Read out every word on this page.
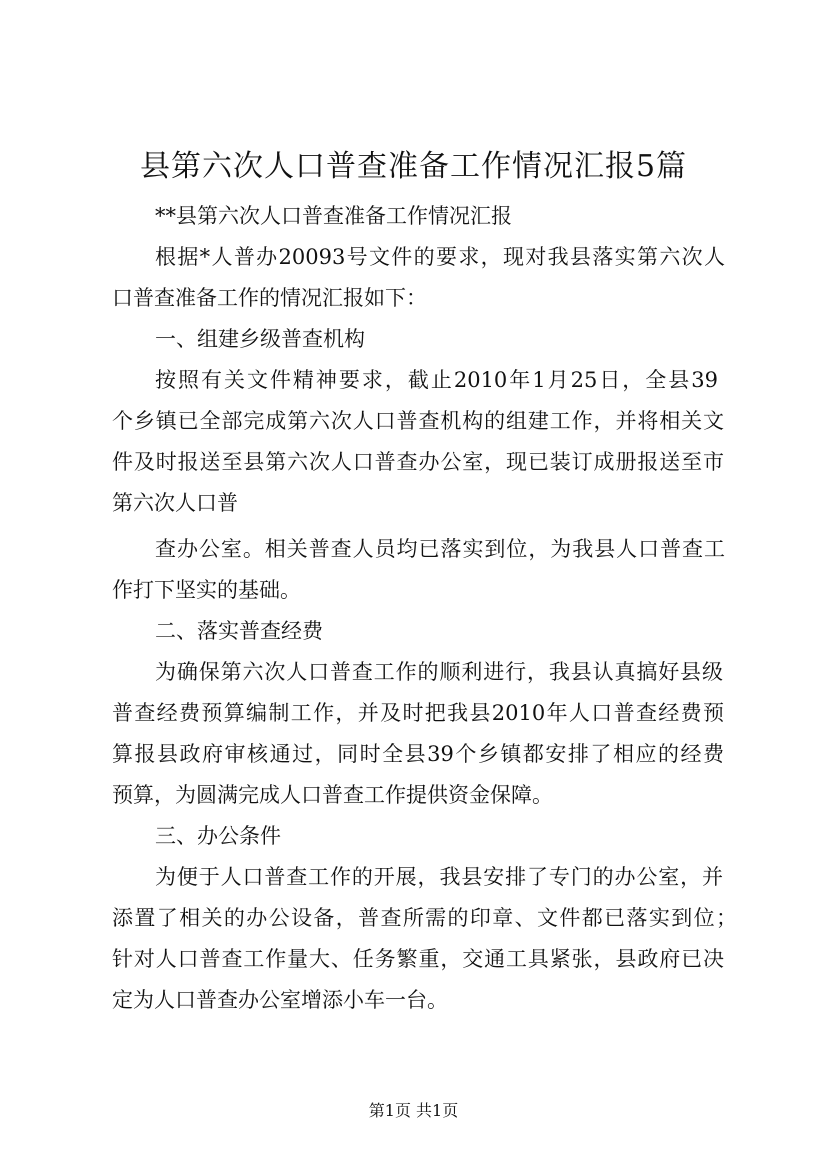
县第六次人口普查准备工作情况汇报5篇
**县第六次人口普查准备工作情况汇报
根据*人普办20093号文件的要求，现对我县落实第六次人
口普查准备工作的情况汇报如下：
一、组建乡级普查机构
按照有关文件精神要求，截止2010年1月25日，全县39
个乡镇已全部完成第六次人口普查机构的组建工作，并将相关文
件及时报送至县第六次人口普查办公室，现已装订成册报送至市
第六次人口普
查办公室。相关普查人员均已落实到位，为我县人口普查工
作打下坚实的基础。
二、落实普查经费
为确保第六次人口普查工作的顺利进行，我县认真搞好县级
普查经费预算编制工作，并及时把我县2010年人口普查经费预
算报县政府审核通过，同时全县39个乡镇都安排了相应的经费
预算，为圆满完成人口普查工作提供资金保障。
三、办公条件
为便于人口普查工作的开展，我县安排了专门的办公室，并
添置了相关的办公设备，普查所需的印章、文件都已落实到位；
针对人口普查工作量大、任务繁重，交通工具紧张，县政府已决
定为人口普查办公室增添小车一台。
第1页 共1页
